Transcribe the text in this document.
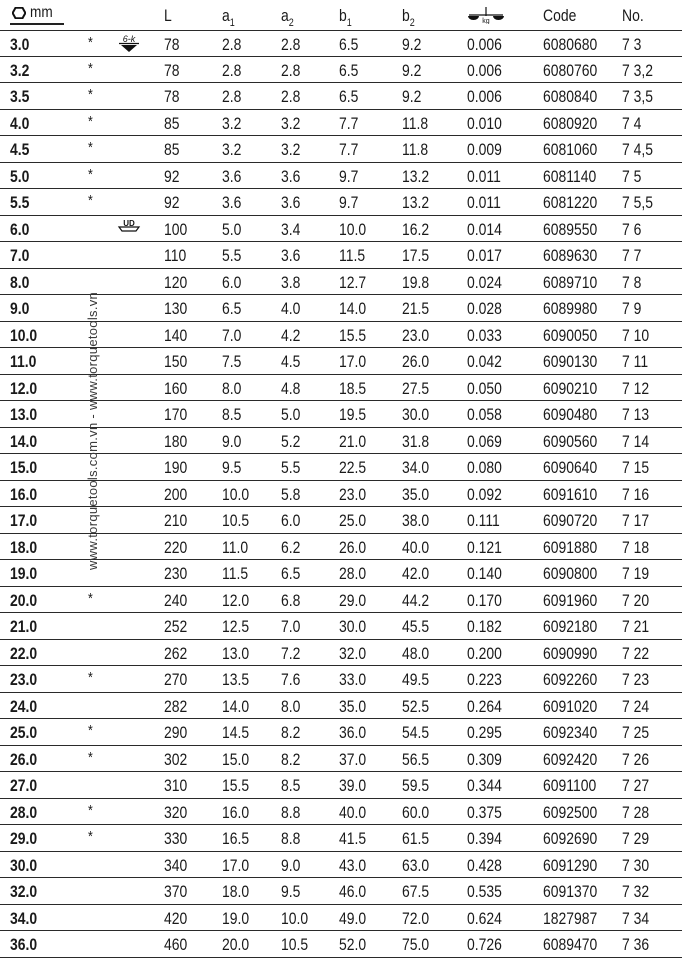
mm	L	$a_1$	$a_2$	$b_1$	$b_2$	kg	Code	No.
3.0	*	78 2.8 2.8 6.5	9.2	0.006 6080680 7 3
6-k
3.2	*	78 2.8 2.8 6.5	9.2	0.006 6080760 7 3,2
3.5	*	78 2.8 2.8 6.5	9.2	0.006 6080840 7 3,5
4.0	*	85 3.2 3.2 7.7	11.8 0.010 6080920 7 4
4.5	*	85 3.2 3.2 7.7	11.8 0.009 6081060 7 4,5
5.0	*	92 3.6 3.6 9.7	13.2 0.011 6081140 7 5
5.5	*	92 3.6 3.6 9.7	13.2 0.011 6081220 7 5,5
6.0	100 5.0 3.4 10.0 16.2 0.014 6089550 7 6
UD
7.0	110 5.5 3.6 11.5 17.5 0.017 6089630 7 7
8.0	120 6.0 3.8 12.7 19.8 0.024 6089710 7 8
9.0	130 6.5 4.0 14.0 21.5 0.028 6089980 7 9
10.0	140 7.0 4.2 15.5 23.0 0.033 6090050 7 10
11.0	150 7.5 4.5 17.0 26.0 0.042 6090130 7 11
12.0	160 8.0 4.8 18.5 27.5 0.050 6090210 7 12
13.0	170 8.5 5.0 19.5 30.0 0.058 6090480 7 13
14.0	180 9.0 5.2 21.0 31.8 0.069 6090560 7 14
15.0	190 9.5 5.5 22.5 34.0 0.080 6090640 7 15
16.0	200 10.0 5.8 23.0 35.0 0.092 6091610 7 16
17.0	210 10.5 6.0 25.0 38.0 0.111	6090720 7 17
18.0	220 11.0 6.2 26.0 40.0 0.121 6091880 7 18
19.0	230 11.5 6.5 28.0 42.0 0.140 6090800 7 19
20.0	*	240 12.0 6.8 29.0 44.2 0.170 6091960 7 20
21.0	252 12.5 7.0 30.0 45.5 0.182 6092180 7 21
22.0	262 13.0 7.2 32.0 48.0 0.200 6090990 7 22
23.0	*	270 13.5 7.6 33.0 49.5 0.223 6092260 7 23
24.0	282 14.0 8.0 35.0 52.5 0.264 6091020 7 24
25.0	*	290 14.5 8.2 36.0 54.5 0.295 6092340 7 25
26.0	*	302 15.0 8.2 37.0 56.5 0.309 6092420 7 26
27.0	310 15.5 8.5 39.0 59.5 0.344 6091100 7 27
28.0	*	320 16.0 8.8 40.0 60.0 0.375 6092500 7 28
29.0	*	330 16.5 8.8 41.5 61.5 0.394 6092690 7 29
30.0	340 17.0 9.0 43.0 63.0 0.428 6091290 7 30
32.0	370 18.0 9.5 46.0 67.5 0.535 6091370 7 32
34.0	420 19.0 10.0 49.0 72.0 0.624 1827987 7 34
36.0	460 20.0 10.5 52.0 75.0 0.726 6089470 7 36
www.torquetools.com.vn - www.torquetools.vn
